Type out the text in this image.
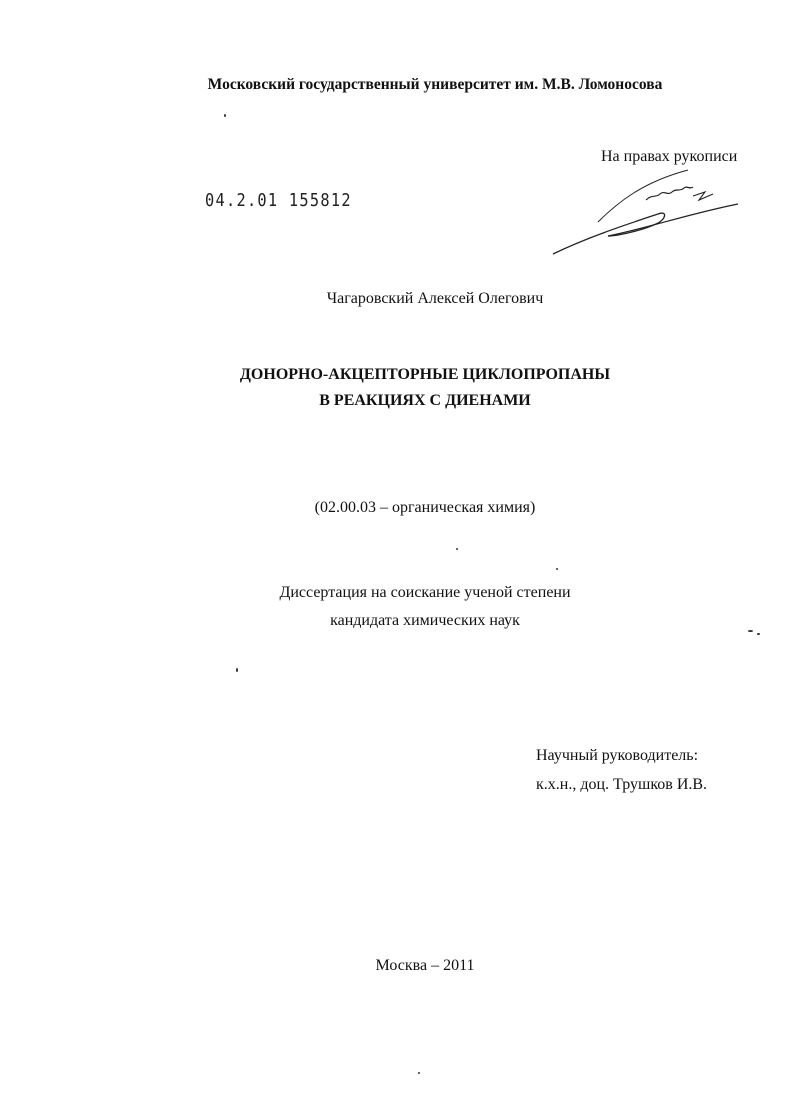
Московский государственный университет им. М.В. Ломоносова
На правах рукописи
04.2.01 155812
Чагаровский Алексей Олегович
ДОНОРНО-АКЦЕПТОРНЫЕ ЦИКЛОПРОПАНЫ
В РЕАКЦИЯХ С ДИЕНАМИ
(02.00.03 – органическая химия)
Диссертация на соискание ученой степени
кандидата химических наук
Научный руководитель:
к.х.н., доц. Трушков И.В.
Москва – 2011
